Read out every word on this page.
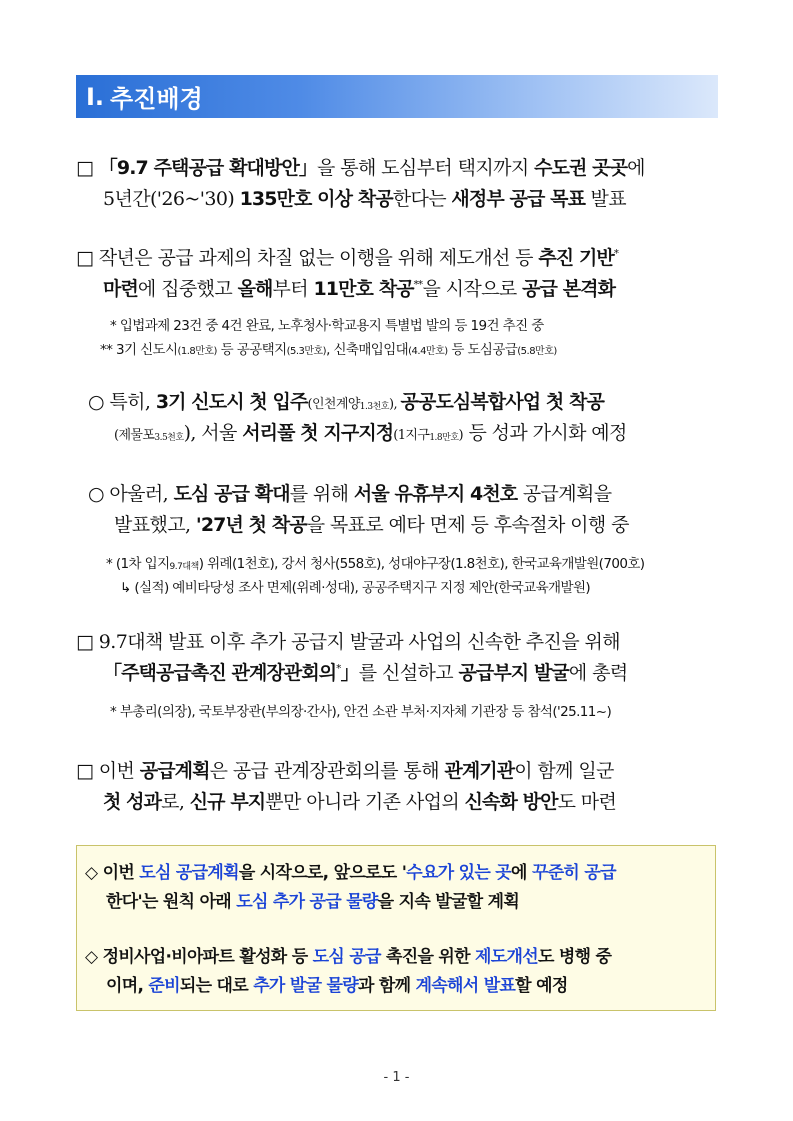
Ⅰ. 추진배경
□ 「9.7 주택공급 확대방안」을 통해 도심부터 택지까지 수도권 곳곳에
5년간('26~'30) 135만호 이상 착공한다는 새정부 공급 목표 발표
□ 작년은 공급 과제의 차질 없는 이행을 위해 제도개선 등 추진 기반*
마련에 집중했고 올해부터 11만호 착공**을 시작으로 공급 본격화
* 입법과제 23건 중 4건 완료, 노후청사·학교용지 특별법 발의 등 19건 추진 중
** 3기 신도시(1.8만호) 등 공공택지(5.3만호), 신축매입임대(4.4만호) 등 도심공급(5.8만호)
○ 특히, 3기 신도시 첫 입주(인천계양1.3천호), 공공도심복합사업 첫 착공
(제물포3.5천호), 서울 서리풀 첫 지구지정(1지구1.8만호) 등 성과 가시화 예정
○ 아울러, 도심 공급 확대를 위해 서울 유휴부지 4천호 공급계획을
발표했고, '27년 첫 착공을 목표로 예타 면제 등 후속절차 이행 중
* (1차 입지9.7대책) 위례(1천호), 강서 청사(558호), 성대야구장(1.8천호), 한국교육개발원(700호)
↳ (실적) 예비타당성 조사 면제(위례·성대), 공공주택지구 지정 제안(한국교육개발원)
□ 9.7대책 발표 이후 추가 공급지 발굴과 사업의 신속한 추진을 위해
「주택공급촉진 관계장관회의*」를 신설하고 공급부지 발굴에 총력
* 부총리(의장), 국토부장관(부의장·간사), 안건 소관 부처·지자체 기관장 등 참석('25.11~)
□ 이번 공급계획은 공급 관계장관회의를 통해 관계기관이 함께 일군
첫 성과로, 신규 부지뿐만 아니라 기존 사업의 신속화 방안도 마련
◇ 이번 도심 공급계획을 시작으로, 앞으로도 '수요가 있는 곳에 꾸준히 공급
한다'는 원칙 아래 도심 추가 공급 물량을 지속 발굴할 계획
◇ 정비사업·비아파트 활성화 등 도심 공급 촉진을 위한 제도개선도 병행 중
이며, 준비되는 대로 추가 발굴 물량과 함께 계속해서 발표할 예정
- 1 -
